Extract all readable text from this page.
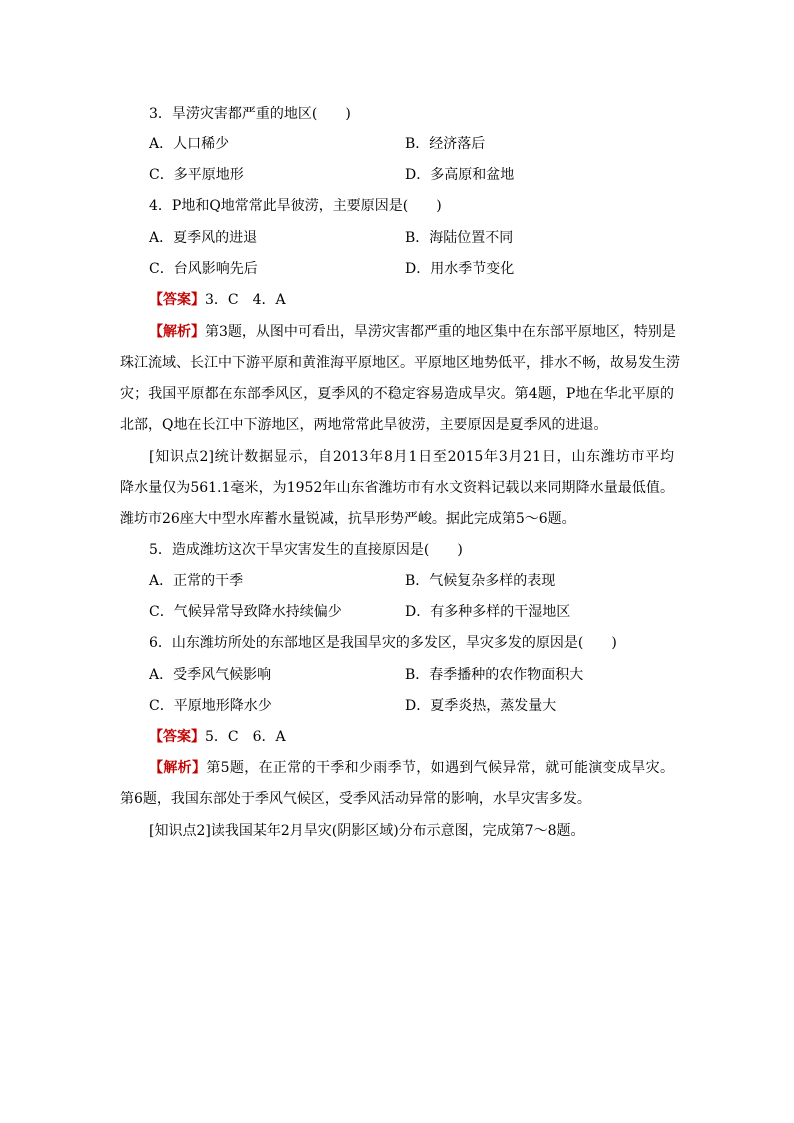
3．旱涝灾害都严重的地区(　　)
A．人口稀少	B．经济落后
C．多平原地形	D．多高原和盆地
4．P地和Q地常常此旱彼涝，主要原因是(　　)
A．夏季风的进退	B．海陆位置不同
C．台风影响先后	D．用水季节变化
【答案】3．C　4．A
【解析】第3题，从图中可看出，旱涝灾害都严重的地区集中在东部平原地区，特别是
珠江流域、长江中下游平原和黄淮海平原地区。平原地区地势低平，排水不畅，故易发生涝
灾；我国平原都在东部季风区，夏季风的不稳定容易造成旱灾。第4题，P地在华北平原的
北部，Q地在长江中下游地区，两地常常此旱彼涝，主要原因是夏季风的进退。
[知识点2]统计数据显示，自2013年8月1日至2015年3月21日，山东潍坊市平均
降水量仅为561.1毫米，为1952年山东省潍坊市有水文资料记载以来同期降水量最低值。
潍坊市26座大中型水库蓄水量锐减，抗旱形势严峻。据此完成第5～6题。
5．造成潍坊这次干旱灾害发生的直接原因是(　　)
A．正常的干季	B．气候复杂多样的表现
C．气候异常导致降水持续偏少	D．有多种多样的干湿地区
6．山东潍坊所处的东部地区是我国旱灾的多发区，旱灾多发的原因是(　　)
A．受季风气候影响	B．春季播种的农作物面积大
C．平原地形降水少	D．夏季炎热，蒸发量大
【答案】5．C　6．A
【解析】第5题，在正常的干季和少雨季节，如遇到气候异常，就可能演变成旱灾。
第6题，我国东部处于季风气候区，受季风活动异常的影响，水旱灾害多发。
[知识点2]读我国某年2月旱灾(阴影区域)分布示意图，完成第7～8题。
